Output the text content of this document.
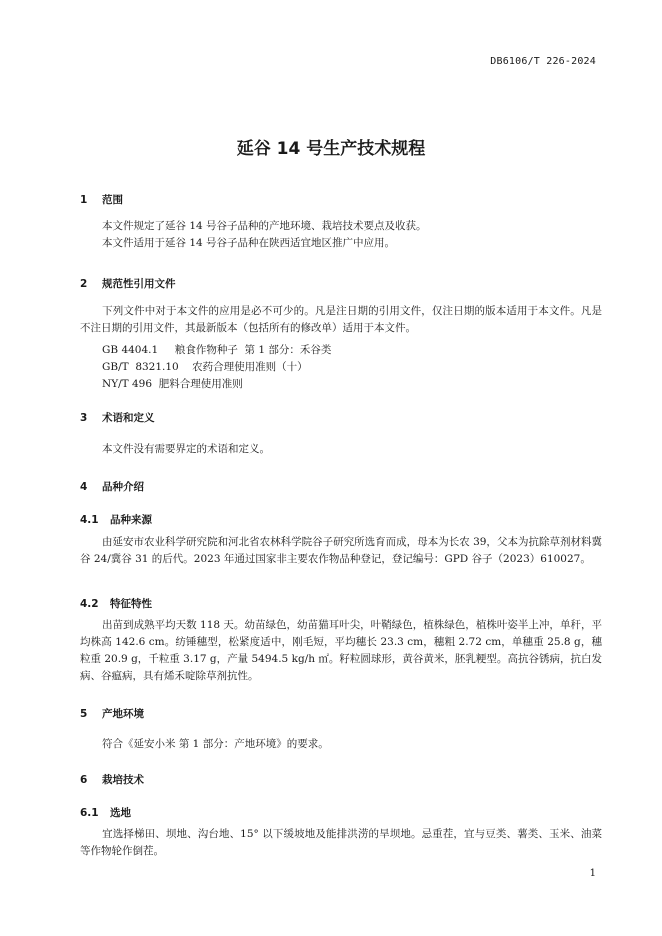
DB6106/T 226-2024
延谷 14 号生产技术规程
1 范围
本文件规定了延谷 14 号谷子品种的产地环境、栽培技术要点及收获。
本文件适用于延谷 14 号谷子品种在陕西适宜地区推广中应用。
2 规范性引用文件
下列文件中对于本文件的应用是必不可少的。凡是注日期的引用文件，仅注日期的版本适用于本文件。凡是不注日期的引用文件，其最新版本（包括所有的修改单）适用于本文件。
GB 4404.1     粮食作物种子  第 1 部分：禾谷类
GB/T  8321.10    农药合理使用准则（十）
NY/T 496  肥料合理使用准则
3 术语和定义
本文件没有需要界定的术语和定义。
4 品种介绍
4.1 品种来源
由延安市农业科学研究院和河北省农林科学院谷子研究所选育而成，母本为长农 39，父本为抗除草剂材料冀谷 24/冀谷 31 的后代。2023 年通过国家非主要农作物品种登记，登记编号：GPD 谷子（2023）610027。
4.2 特征特性
出苗到成熟平均天数 118 天。幼苗绿色，幼苗猫耳叶尖，叶鞘绿色，植株绿色，植株叶姿半上冲，单秆，平均株高 142.6 cm。纺锤穗型，松紧度适中，刚毛短，平均穗长 23.3 cm，穗粗 2.72 cm，单穗重 25.8 g，穗粒重 20.9 g，千粒重 3.17 g，产量 5494.5 kg/h ㎡。籽粒圆球形，黄谷黄米，胚乳粳型。高抗谷锈病，抗白发病、谷瘟病，具有烯禾啶除草剂抗性。
5 产地环境
符合《延安小米 第 1 部分：产地环境》的要求。
6 栽培技术
6.1 选地
宜选择梯田、坝地、沟台地、15° 以下缓坡地及能排洪涝的旱坝地。忌重茬，宜与豆类、薯类、玉米、油菜等作物轮作倒茬。
1
